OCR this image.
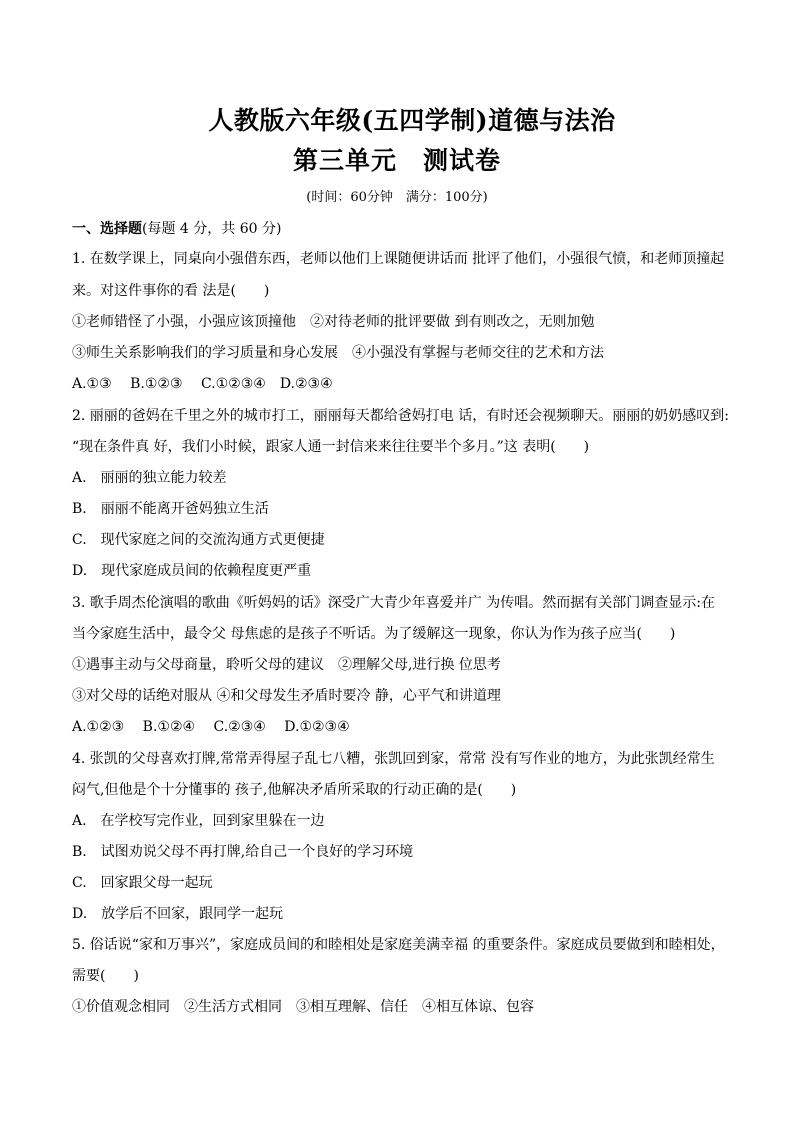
人教版六年级(五四学制)道德与法治
第三单元　测试卷
(时间：60分钟　满分：100分)
一、选择题(每题 4 分，共 60 分)
1. 在数学课上，同桌向小强借东西，老师以他们上课随便讲话而 批评了他们，小强很气愤，和老师顶撞起
来。对这件事你的看 法是(　　)
①老师错怪了小强，小强应该顶撞他　②对待老师的批评要做 到有则改之，无则加勉
③师生关系影响我们的学习质量和身心发展　④小强没有掌握与老师交往的艺术和方法
A.①③　 B.①②③　 C.①②③④　D.②③④
2. 丽丽的爸妈在千里之外的城市打工，丽丽每天都给爸妈打电 话，有时还会视频聊天。丽丽的奶奶感叹到:
“现在条件真 好，我们小时候，跟家人通一封信来来往往要半个多月。”这 表明(　　)
A.　丽丽的独立能力较差
B.　丽丽不能离开爸妈独立生活
C.　现代家庭之间的交流沟通方式更便捷
D.　现代家庭成员间的依赖程度更严重
3. 歌手周杰伦演唱的歌曲《听妈妈的话》深受广大青少年喜爱并广 为传唱。然而据有关部门调查显示:在
当今家庭生活中，最令父 母焦虑的是孩子不听话。为了缓解这一现象，你认为作为孩子应当(　　)
①遇事主动与父母商量，聆听父母的建议　②理解父母,进行换 位思考
③对父母的话绝对服从 ④和父母发生矛盾时要冷 静，心平气和讲道理
A.①②③　 B.①②④　 C.②③④　 D.①②③④
4. 张凯的父母喜欢打牌,常常弄得屋子乱七八糟，张凯回到家，常常 没有写作业的地方，为此张凯经常生
闷气,但他是个十分懂事的 孩子,他解决矛盾所采取的行动正确的是(　　)
A.　在学校写完作业，回到家里躲在一边
B.　试图劝说父母不再打牌,给自己一个良好的学习环境
C.　回家跟父母一起玩
D.　放学后不回家，跟同学一起玩
5. 俗话说“家和万事兴”，家庭成员间的和睦相处是家庭美满幸福 的重要条件。家庭成员要做到和睦相处，
需要(　　)
①价值观念相同　②生活方式相同　③相互理解、信任　④相互体谅、包容
